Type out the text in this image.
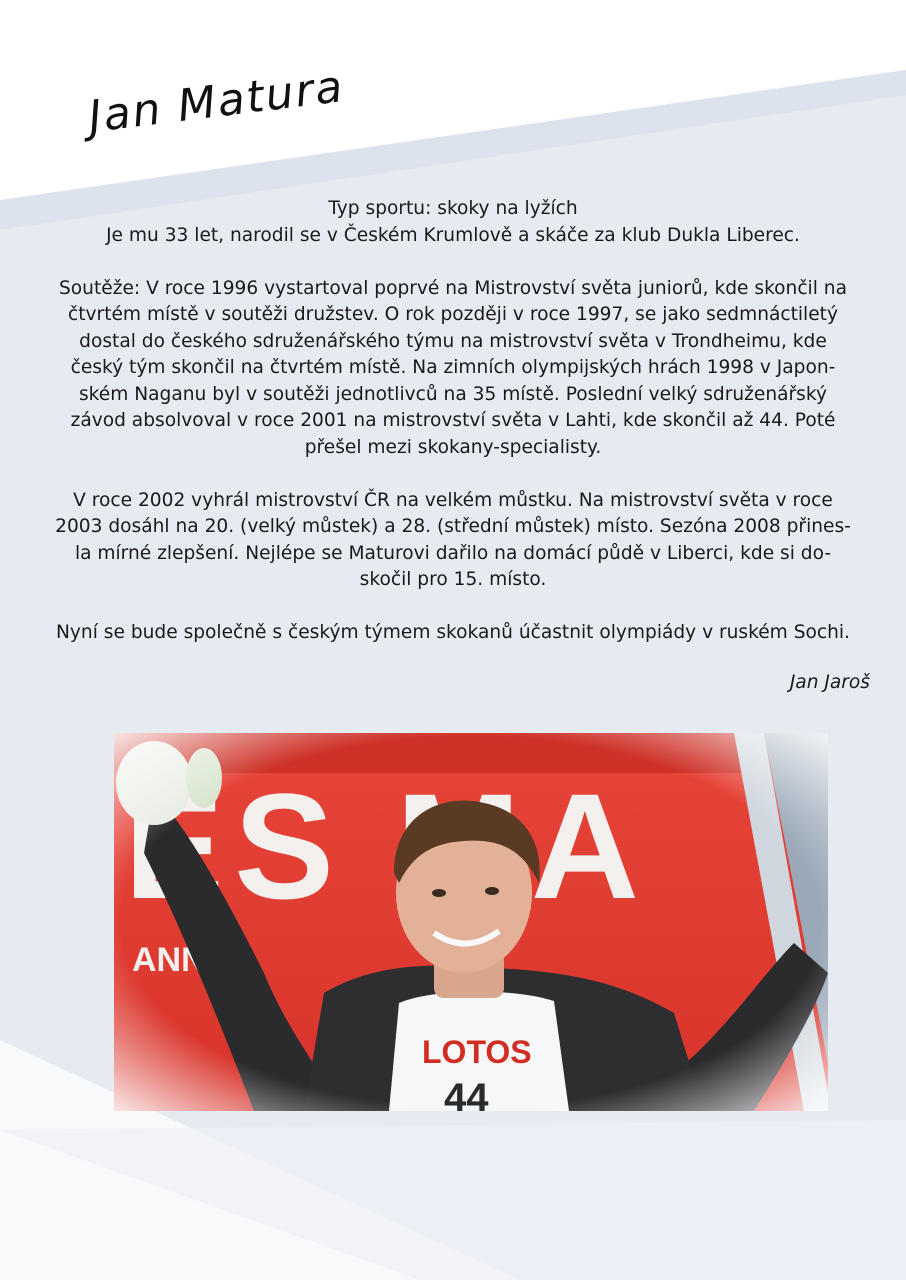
Jan Matura

Typ sportu: skoky na lyžích

Je mu 33 let, narodil se v Českém Krumlově a skáče za klub Dukla Liberec.

Soutěže: V roce 1996 vystartoval poprvé na Mistrovství světa juniorů, kde skončil na

čtvrtém místě v soutěži družstev. O rok později v roce 1997, se jako sedmnáctiletý

dostal do českého sdruženářského týmu na mistrovství světa v Trondheimu, kde

český tým skončil na čtvrtém místě. Na zimních olympijských hrách 1998 v Japon-

ském Naganu byl v soutěži jednotlivců na 35 místě. Poslední velký sdruženářský

závod absolvoval v roce 2001 na mistrovství světa v Lahti, kde skončil až 44. Poté

přešel mezi skokany-specialisty.

V roce 2002 vyhrál mistrovství ČR na velkém můstku. Na mistrovství světa v roce

2003 dosáhl na 20. (velký můstek) a 28. (střední můstek) místo. Sezóna 2008 přines-

la mírné zlepšení. Nejlépe se Maturovi dařilo na domácí půdě v Liberci, kde si do-

skočil pro 15. místo.

Nyní se bude společně s českým týmem skokanů účastnit olympiády v ruském Sochi.

Jan Jaroš
